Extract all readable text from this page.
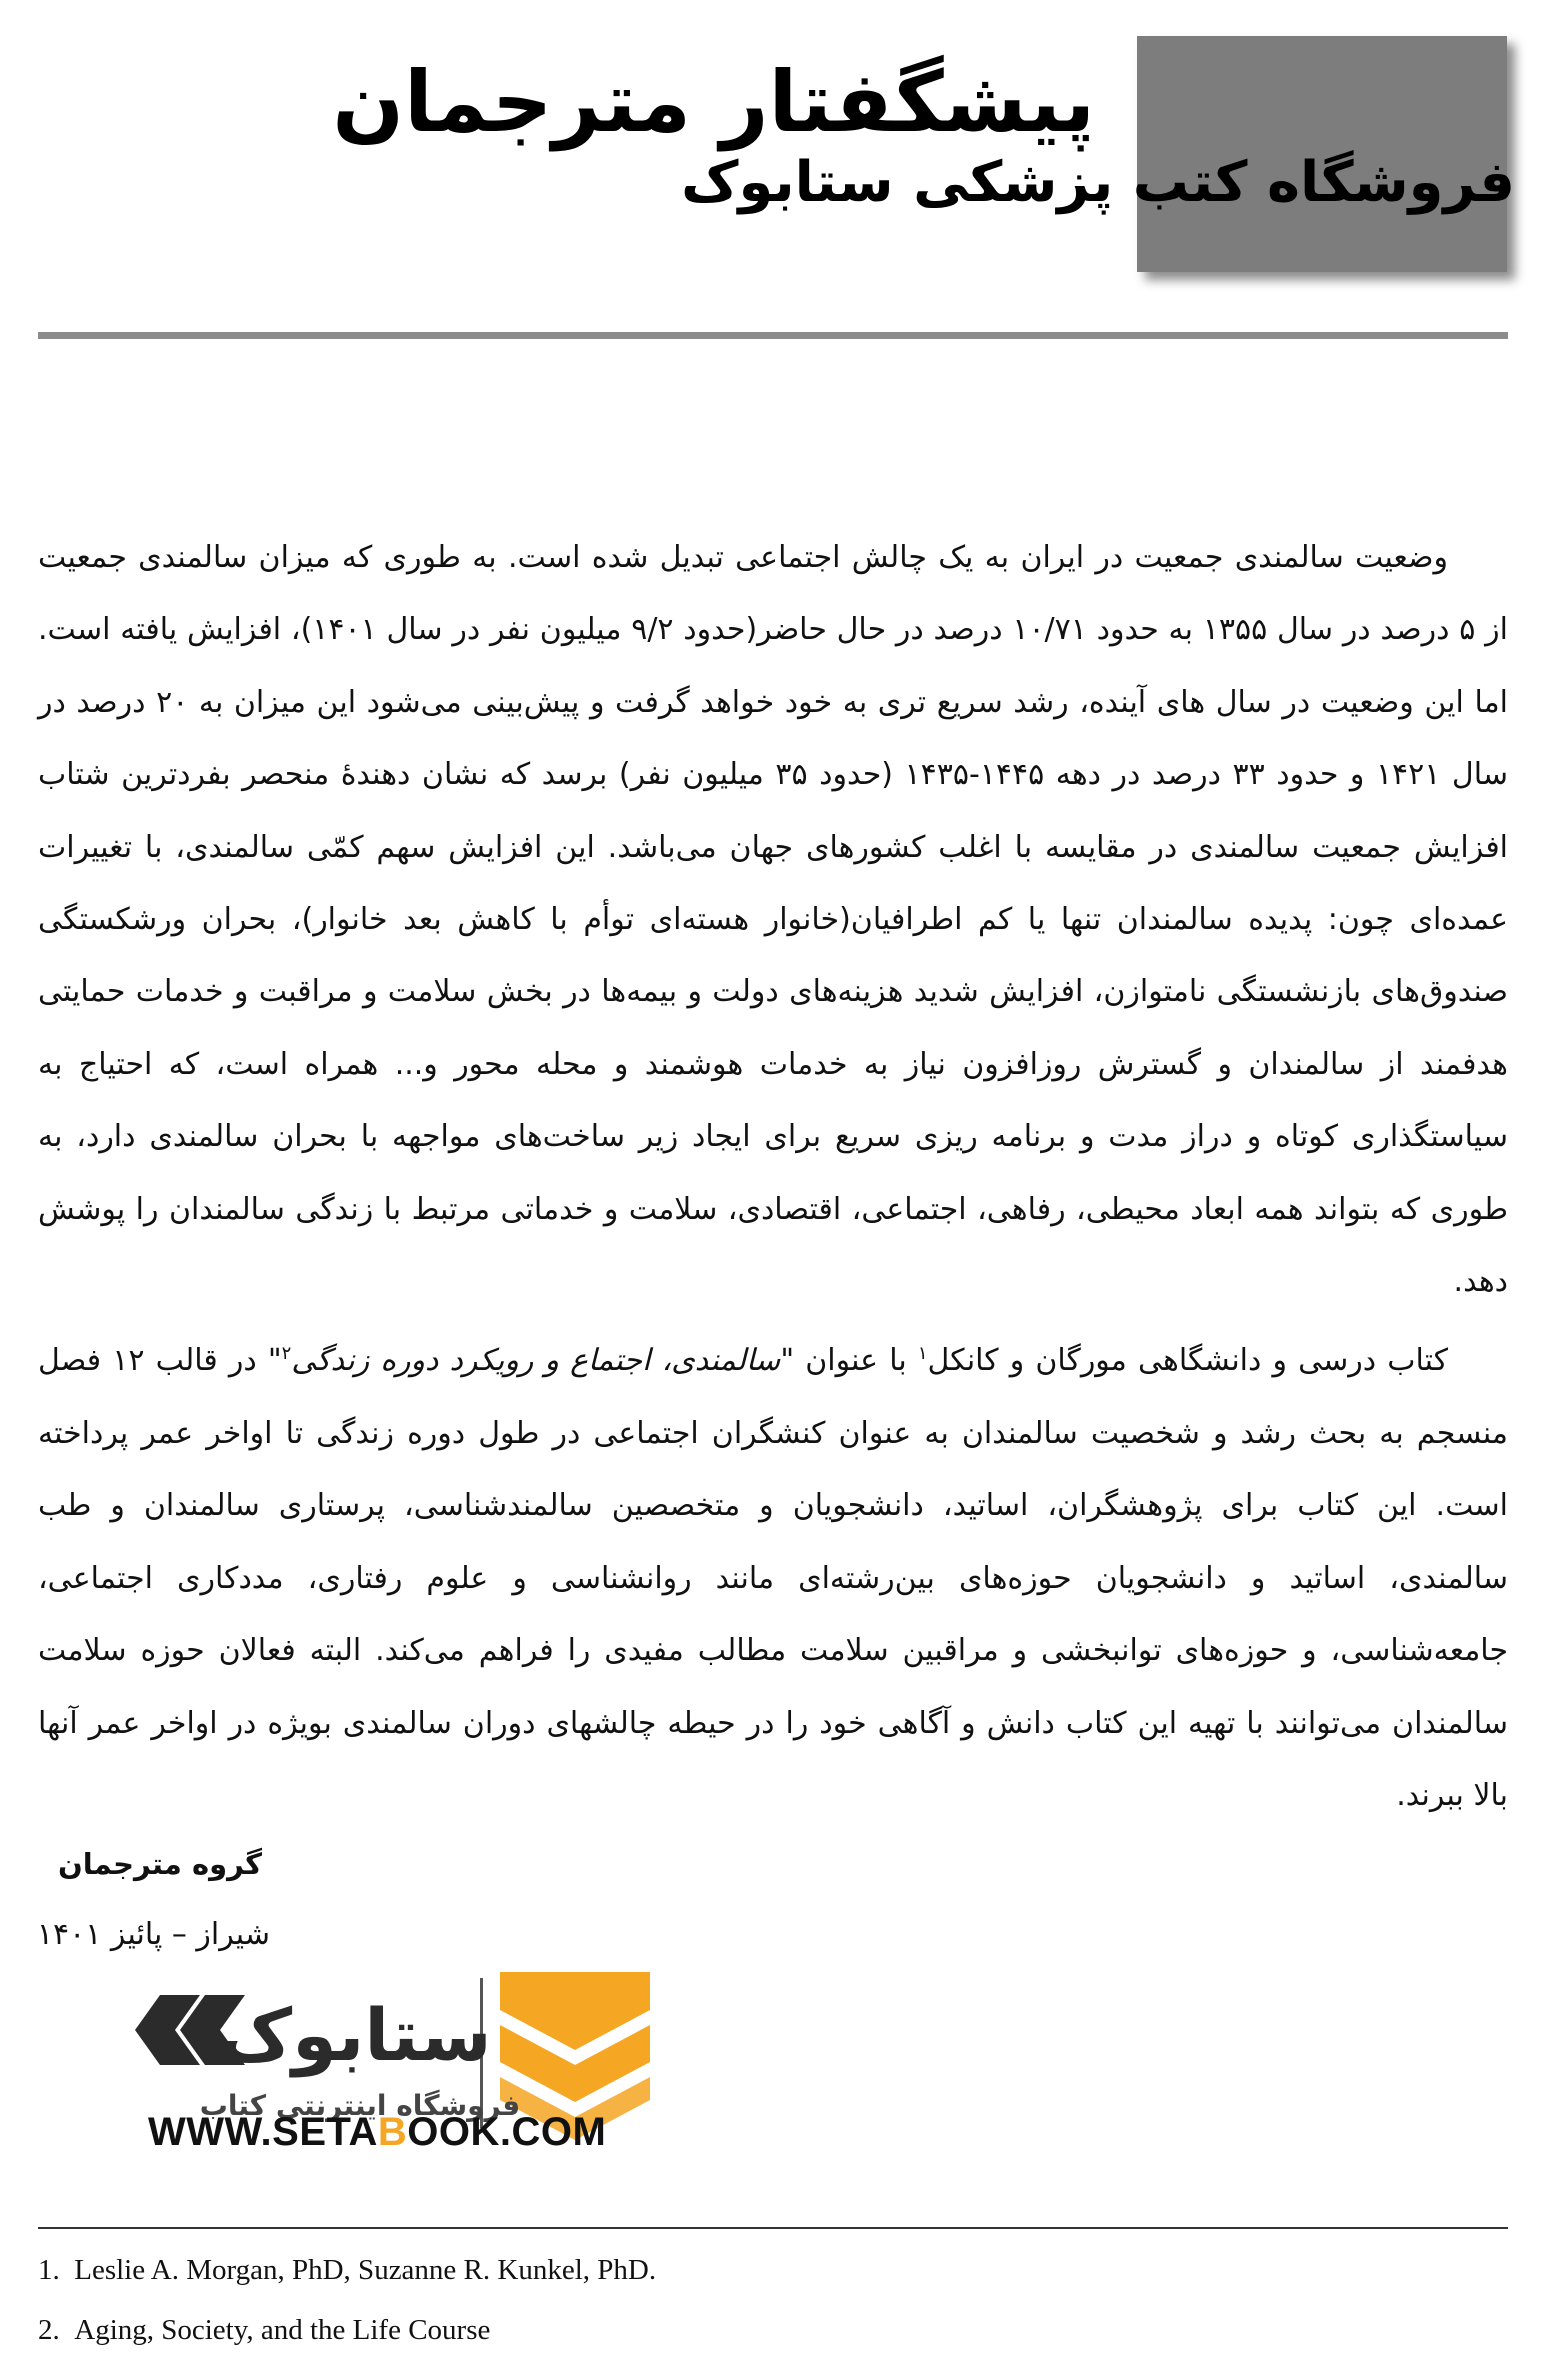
پیشگفتار مترجمان
فروشگاه کتب پزشکی ستابوک

وضعیت سالمندی جمعیت در ایران به یک چالش اجتماعی تبدیل شده است. به طوری که میزان سالمندی جمعیت از ۵ درصد در سال ۱۳۵۵ به حدود ۱۰/۷۱ درصد در حال حاضر(حدود ۹/۲ میلیون نفر در سال ۱۴۰۱)، افزایش یافته است. اما این وضعیت در سال های آینده، رشد سریع تری به خود خواهد گرفت و پیش‌بینی می‌شود این میزان به ۲۰ درصد در سال ۱۴۲۱ و حدود ۳۳ درصد در دهه ۱۴۴۵-۱۴۳۵ (حدود ۳۵ میلیون نفر) برسد که نشان دهندۀ منحصر بفردترین شتاب افزایش جمعیت سالمندی در مقایسه با اغلب کشورهای جهان می‌باشد. این افزایش سهم کمّی سالمندی، با تغییرات عمده‌ای چون: پدیده سالمندان تنها یا کم اطرافیان(خانوار هسته‌ای توأم با کاهش بعد خانوار)، بحران ورشکستگی صندوق‌های بازنشستگی نامتوازن، افزایش شدید هزینه‌های دولت و بیمه‌ها در بخش سلامت و مراقبت و خدمات حمایتی هدفمند از سالمندان و گسترش روزافزون نیاز به خدمات هوشمند و محله محور و... همراه است، که احتیاج به سیاستگذاری کوتاه و دراز مدت و برنامه ریزی سریع برای ایجاد زیر ساخت‌های مواجهه با بحران سالمندی دارد، به طوری که بتواند همه ابعاد محیطی، رفاهی، اجتماعی، اقتصادی، سلامت و خدماتی مرتبط با زندگی سالمندان را پوشش دهد.

کتاب درسی و دانشگاهی مورگان و کانکل$^۱$ با عنوان "سالمندی، اجتماع و رویکرد دوره زندگی$^۲$" در قالب ۱۲ فصل منسجم به بحث رشد و شخصیت سالمندان به عنوان کنشگران اجتماعی در طول دوره زندگی تا اواخر عمر پرداخته است. این کتاب برای پژوهشگران، اساتید، دانشجویان و متخصصین سالمندشناسی، پرستاری سالمندان و طب سالمندی، اساتید و دانشجویان حوزه‌های بین‌رشته‌ای مانند روانشناسی و علوم رفتاری، مددکاری اجتماعی، جامعه‌شناسی، و حوزه‌های توانبخشی و مراقبین سلامت مطالب مفیدی را فراهم می‌کند. البته فعالان حوزه سلامت سالمندان می‌توانند با تهیه این کتاب دانش و آگاهی خود را در حیطه چالشهای دوران سالمندی بویژه در اواخر عمر آنها بالا ببرند.

گروه مترجمان
شیراز – پائیز ۱۴۰۱
ستابوک
فروشگاه اینترنتی کتاب
WWW.SETABOOK.COM
1. Leslie A. Morgan, PhD, Suzanne R. Kunkel, PhD.
2. Aging, Society, and the Life Course
